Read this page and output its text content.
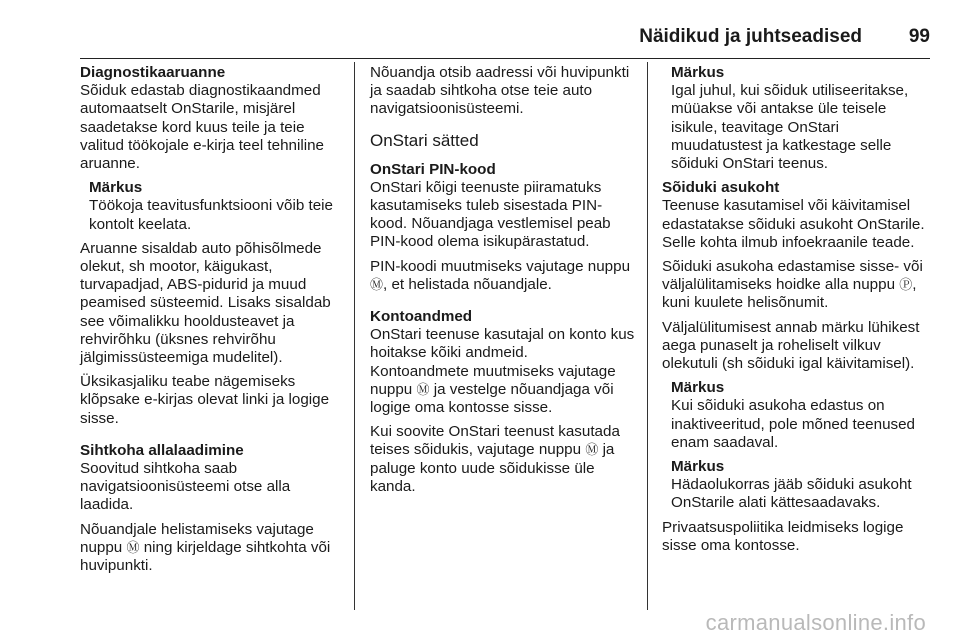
Näidikud ja juhtseadised 99

Diagnostikaaruanne

Sõiduk edastab diagnostikaandmed automaatselt OnStarile, misjärel saadetakse kord kuus teile ja teie valitud töökojale e-kirja teel tehniline aruanne.

Märkus
Töökoja teavitusfunktsiooni võib teie kontolt keelata.

Aruanne sisaldab auto põhisõlmede olekut, sh mootor, käigukast, turvapadjad, ABS-pidurid ja muud peamised süsteemid. Lisaks sisaldab see võimalikku hooldusteavet ja rehvirõhku (üksnes rehvirõhu jälgimissüsteemiga mudelitel).

Üksikasjaliku teabe nägemiseks klõpsake e-kirjas olevat linki ja logige sisse.

Sihtkoha allalaadimine

Soovitud sihtkoha saab navigatsioonisüsteemi otse alla laadida.

Nõuandjale helistamiseks vajutage nuppu Ⓜ ning kirjeldage sihtkohta või huvipunkti.

Nõuandja otsib aadressi või huvipunkti ja saadab sihtkoha otse teie auto navigatsioonisüsteemi.

OnStari sätted

OnStari PIN-kood

OnStari kõigi teenuste piiramatuks kasutamiseks tuleb sisestada PIN-kood. Nõuandjaga vestlemisel peab PIN-kood olema isikupärastatud.

PIN-koodi muutmiseks vajutage nuppu Ⓜ, et helistada nõuandjale.

Kontoandmed

OnStari teenuse kasutajal on konto kus hoitakse kõiki andmeid.

Kontoandmete muutmiseks vajutage nuppu Ⓜ ja vestelge nõuandjaga või logige oma kontosse sisse.

Kui soovite OnStari teenust kasutada teises sõidukis, vajutage nuppu Ⓜ ja paluge konto uude sõidukisse üle kanda.

Märkus
Igal juhul, kui sõiduk utiliseeritakse, müüakse või antakse üle teisele isikule, teavitage OnStari muudatustest ja katkestage selle sõiduki OnStari teenus.

Sõiduki asukoht

Teenuse kasutamisel või käivitamisel edastatakse sõiduki asukoht OnStarile. Selle kohta ilmub infoekraanile teade.

Sõiduki asukoha edastamise sisse- või väljalülitamiseks hoidke alla nuppu Ⓟ, kuni kuulete helisõnumit.

Väljalülitumisest annab märku lühikest aega punaselt ja roheliselt vilkuv olekutuli (sh sõiduki igal käivitamisel).

Märkus
Kui sõiduki asukoha edastus on inaktiveeritud, pole mõned teenused enam saadaval.
Märkus
Hädaolukorras jääb sõiduki asukoht OnStarile alati kättesaadavaks.

Privaatsuspoliitika leidmiseks logige sisse oma kontosse.

carmanualsonline.info
